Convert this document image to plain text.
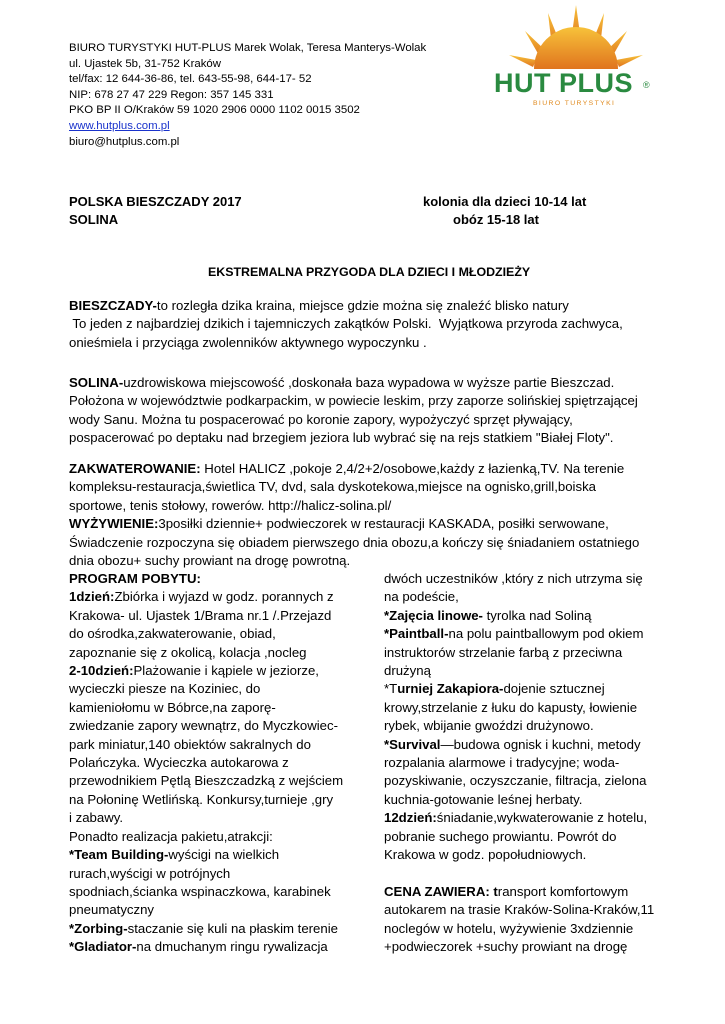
BIURO TURYSTYKI HUT-PLUS Marek Wolak, Teresa Manterys-Wolak
ul. Ujastek 5b, 31-752 Kraków
tel/fax: 12 644-36-86, tel. 643-55-98, 644-17- 52
NIP: 678 27 47 229 Regon: 357 145 331
PKO BP II O/Kraków 59 1020 2906 0000 1102 0015 3502
www.hutplus.com.pl
biuro@hutplus.com.pl
HUT PLUS ®
BIURO TURYSTYKI
POLSKA BIESZCZADY 2017
SOLINA
kolonia dla dzieci 10-14 lat
obóz 15-18 lat
EKSTREMALNA PRZYGODA DLA DZIECI I MŁODZIEŻY
BIESZCZADY-to rozległa dzika kraina, miejsce gdzie można się znaleźć blisko natury
To jeden z najbardziej dzikich i tajemniczych zakątków Polski.  Wyjątkowa przyroda zachwyca,
onieśmiela i przyciąga zwolenników aktywnego wypoczynku .
SOLINA-uzdrowiskowa miejscowość ,doskonała baza wypadowa w wyższe partie Bieszczad.
Położona w województwie podkarpackim, w powiecie leskim, przy zaporze solińskiej spiętrzającej
wody Sanu. Można tu pospacerować po koronie zapory, wypożyczyć sprzęt pływający,
pospacerować po deptaku nad brzegiem jeziora lub wybrać się na rejs statkiem "Białej Floty".
ZAKWATEROWANIE: Hotel HALICZ ,pokoje 2,4/2+2/osobowe,każdy z łazienką,TV. Na terenie
kompleksu-restauracja,świetlica TV, dvd, sala dyskotekowa,miejsce na ognisko,grill,boiska
sportowe, tenis stołowy, rowerów. http://halicz-solina.pl/
WYŻYWIENIE:3posiłki dziennie+ podwieczorek w restauracji KASKADA, posiłki serwowane,
Świadczenie rozpoczyna się obiadem pierwszego dnia obozu,a kończy się śniadaniem ostatniego
dnia obozu+ suchy prowiant na drogę powrotną.
PROGRAM POBYTU:
1dzień:Zbiórka i wyjazd w godz. porannych z
Krakowa- ul. Ujastek 1/Brama nr.1 /.Przejazd
do ośrodka,zakwaterowanie, obiad,
zapoznanie się z okolicą, kolacja ,nocleg
2-10dzień:Plażowanie i kąpiele w jeziorze,
wycieczki piesze na Koziniec, do
kamieniołomu w Bóbrce,na zaporę-
zwiedzanie zapory wewnątrz, do Myczkowiec-
park miniatur,140 obiektów sakralnych do
Polańczyka. Wycieczka autokarowa z
przewodnikiem Pętlą Bieszczadzką z wejściem
na Połoninę Wetlińską. Konkursy,turnieje ,gry
i zabawy.
Ponadto realizacja pakietu,atrakcji:
*Team Building-wyścigi na wielkich
rurach,wyścigi w potrójnych
spodniach,ścianka wspinaczkowa, karabinek
pneumatyczny
*Zorbing-staczanie się kuli na płaskim terenie
*Gladiator-na dmuchanym ringu rywalizacja
dwóch uczestników ,który z nich utrzyma się
na podeście,
*Zajęcia linowe- tyrolka nad Soliną
*Paintball-na polu paintballowym pod okiem
instruktorów strzelanie farbą z przeciwna
drużyną
*Turniej Zakapiora-dojenie sztucznej
krowy,strzelanie z łuku do kapusty, łowienie
rybek, wbijanie gwoździ drużynowo.
*Survival—budowa ognisk i kuchni, metody
rozpalania alarmowe i tradycyjne; woda-
pozyskiwanie, oczyszczanie, filtracja, zielona
kuchnia-gotowanie leśnej herbaty.
12dzień:śniadanie,wykwaterowanie z hotelu,
pobranie suchego prowiantu. Powrót do
Krakowa w godz. popołudniowych.
CENA ZAWIERA: transport komfortowym
autokarem na trasie Kraków-Solina-Kraków,11
noclegów w hotelu, wyżywienie 3xdziennie
+podwieczorek +suchy prowiant na drogę
